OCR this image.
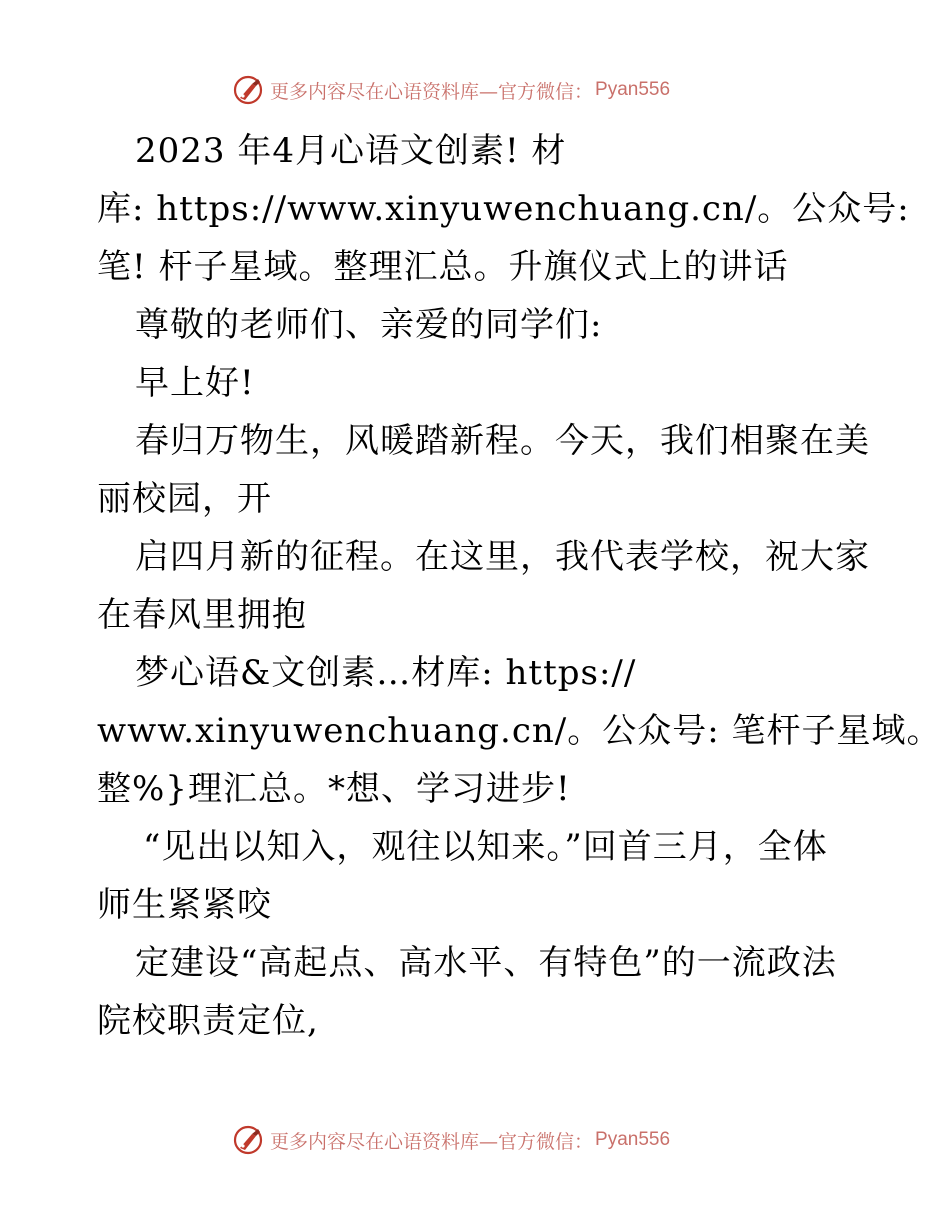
更多内容尽在心语资料库—官方微信： Pyan556
2023 年4月心语文创素! 材
库: https://www.xinyuwenchuang.cn/。公众号:
笔! 杆子星域。整理汇总。升旗仪式上的讲话
尊敬的老师们、亲爱的同学们:
早上好!
春归万物生，风暖踏新程。今天，我们相聚在美
丽校园，开
启四月新的征程。在这里，我代表学校，祝大家
在春风里拥抱
梦心语&文创素…材库: https://
www.xinyuwenchuang.cn/。公众号: 笔杆子星域。
整%}理汇总。*想、学习进步!
“见出以知入，观往以知来。”回首三月，全体
师生紧紧咬
定建设“高起点、高水平、有特色”的一流政法
院校职责定位,
更多内容尽在心语资料库—官方微信： Pyan556
